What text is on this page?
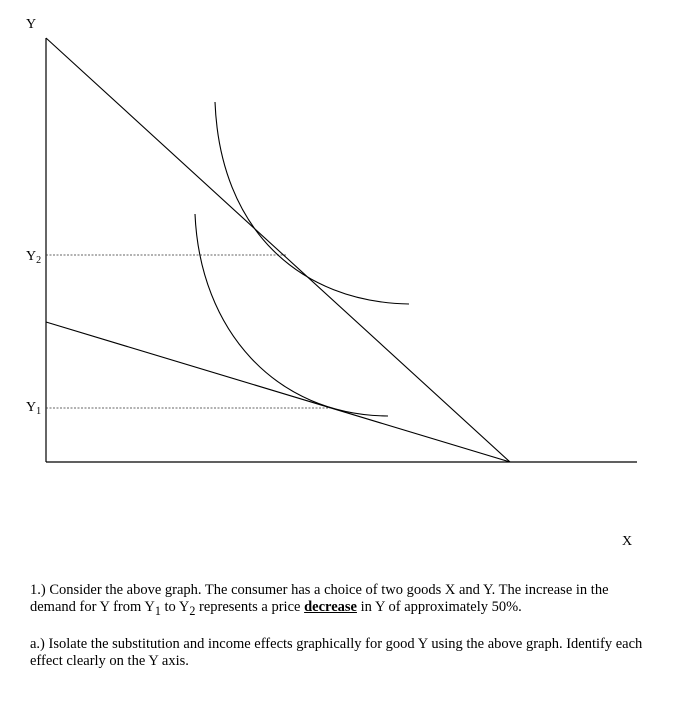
Y
X
$Y_2$
$Y_1$

1.) Consider the above graph. The consumer has a choice of two goods X and Y. The increase in the demand for Y from $Y_1$ to $Y_2$ represents a price decrease in Y of approximately 50%.

a.) Isolate the substitution and income effects graphically for good Y using the above graph. Identify each effect clearly on the Y axis.
